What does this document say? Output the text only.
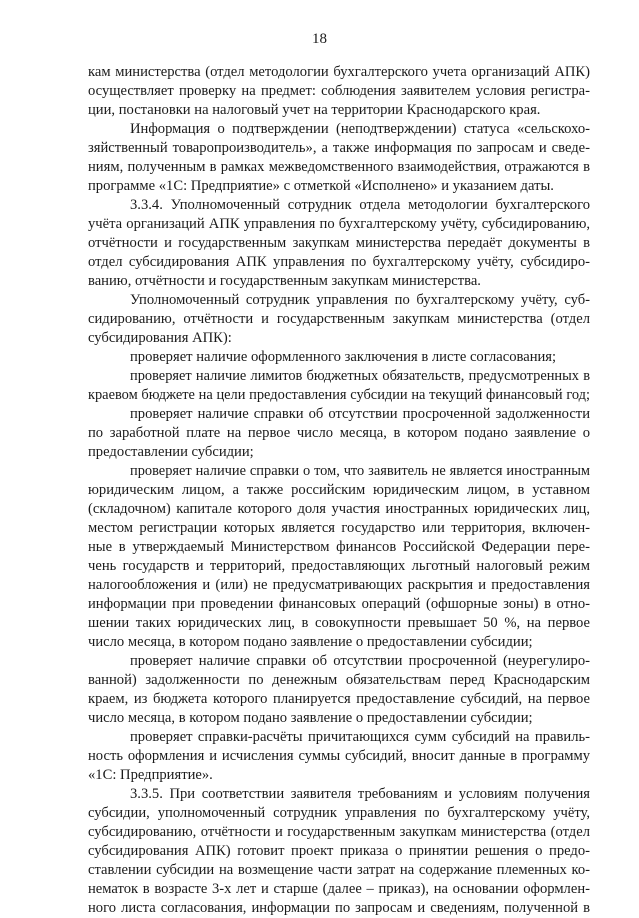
18
кам министерства (отдел методологии бухгалтерского учета организаций АПК)
осуществляет проверку на предмет: соблюдения заявителем условия регистра-
ции, постановки на налоговый учет на территории Краснодарского края.
Информация о подтверждении (неподтверждении) статуса «сельскохо-
зяйственный товаропроизводитель», а также информация по запросам и сведе-
ниям, полученным в рамках межведомственного взаимодействия, отражаются в
программе «1С: Предприятие» с отметкой «Исполнено» и указанием даты.
3.3.4. Уполномоченный сотрудник отдела методологии бухгалтерского
учёта организаций АПК управления по бухгалтерскому учёту, субсидированию,
отчётности и государственным закупкам министерства передаёт документы в
отдел субсидирования АПК управления по бухгалтерскому учёту, субсидиро-
ванию, отчётности и государственным закупкам министерства.
Уполномоченный сотрудник управления по бухгалтерскому учёту, суб-
сидированию, отчётности и государственным закупкам министерства (отдел
субсидирования АПК):
проверяет наличие оформленного заключения в листе согласования;
проверяет наличие лимитов бюджетных обязательств, предусмотренных в
краевом бюджете на цели предоставления субсидии на текущий финансовый год;
проверяет наличие справки об отсутствии просроченной задолженности
по заработной плате на первое число месяца, в котором подано заявление о
предоставлении субсидии;
проверяет наличие справки о том, что заявитель не является иностранным
юридическим лицом, а также российским юридическим лицом, в уставном
(складочном) капитале которого доля участия иностранных юридических лиц,
местом регистрации которых является государство или территория, включен-
ные в утверждаемый Министерством финансов Российской Федерации пере-
чень государств и территорий, предоставляющих льготный налоговый режим
налогообложения и (или) не предусматривающих раскрытия и предоставления
информации при проведении финансовых операций (офшорные зоны) в отно-
шении таких юридических лиц, в совокупности превышает 50 %, на первое
число месяца, в котором подано заявление о предоставлении субсидии;
проверяет наличие справки об отсутствии просроченной (неурегулиро-
ванной) задолженности по денежным обязательствам перед Краснодарским
краем, из бюджета которого планируется предоставление субсидий, на первое
число месяца, в котором подано заявление о предоставлении субсидии;
проверяет справки-расчёты причитающихся сумм субсидий на правиль-
ность оформления и исчисления суммы субсидий, вносит данные в программу
«1С: Предприятие».
3.3.5. При соответствии заявителя требованиям и условиям получения
субсидии, уполномоченный сотрудник управления по бухгалтерскому учёту,
субсидированию, отчётности и государственным закупкам министерства (отдел
субсидирования АПК) готовит проект приказа о принятии решения о предо-
ставлении субсидии на возмещение части затрат на содержание племенных ко-
нематок в возрасте 3-х лет и старше (далее – приказ), на основании оформлен-
ного листа согласования, информации по запросам и сведениям, полученной в
